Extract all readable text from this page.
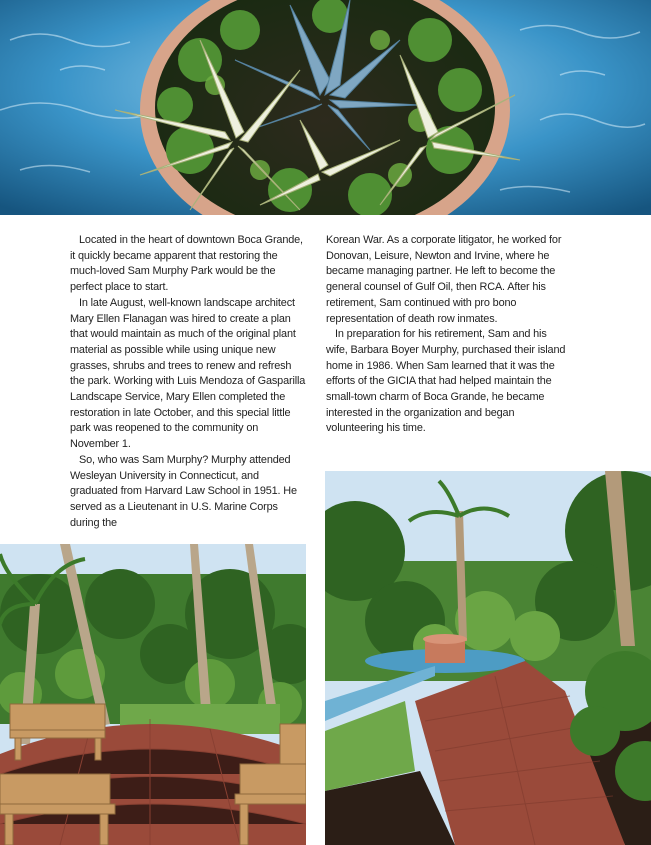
Located in the heart of downtown Boca Grande, it quickly became apparent that restoring the much-loved Sam Murphy Park would be the perfect place to start.

In late August, well-known landscape architect Mary Ellen Flanagan was hired to create a plan that would maintain as much of the original plant material as possible while using unique new grasses, shrubs and trees to renew and refresh the park. Working with Luis Mendoza of Gasparilla Landscape Service, Mary Ellen completed the restoration in late October, and this special little park was reopened to the community on November 1.

So, who was Sam Murphy? Murphy attended Wesleyan University in Connecticut, and graduated from Harvard Law School in 1951. He served as a Lieutenant in U.S. Marine Corps during the

Korean War. As a corporate litigator, he worked for Donovan, Leisure, Newton and Irvine, where he became managing partner. He left to become the general counsel of Gulf Oil, then RCA. After his retirement, Sam continued with pro bono representation of death row inmates.

In preparation for his retirement, Sam and his wife, Barbara Boyer Murphy, purchased their island home in 1986. When Sam learned that it was the efforts of the GICIA that had helped maintain the small-town charm of Boca Grande, he became interested in the organization and began volunteering his time.
